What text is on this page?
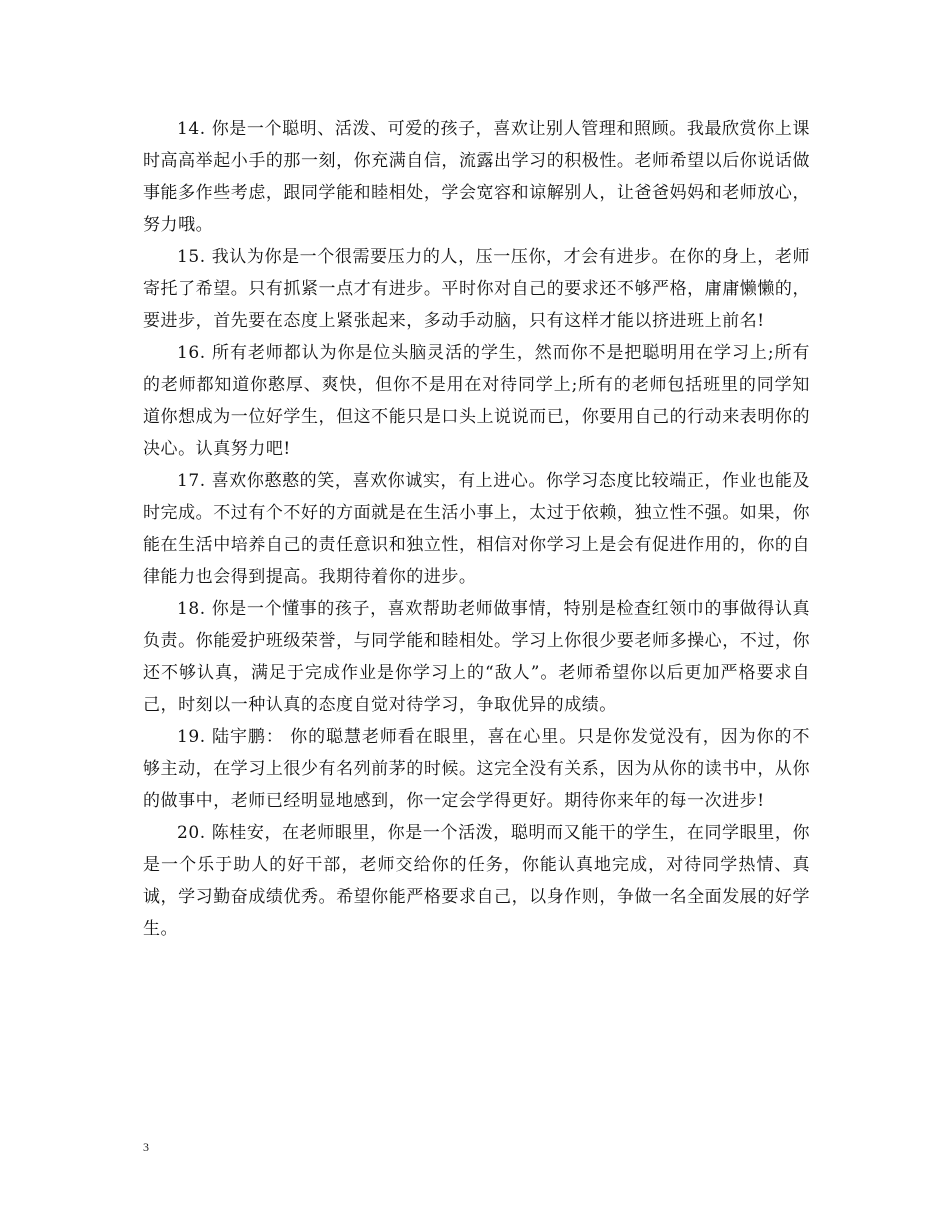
14. 你是一个聪明、活泼、可爱的孩子，喜欢让别人管理和照顾。我最欣赏你上课时高高举起小手的那一刻，你充满自信，流露出学习的积极性。老师希望以后你说话做事能多作些考虑，跟同学能和睦相处，学会宽容和谅解别人，让爸爸妈妈和老师放心，努力哦。

15. 我认为你是一个很需要压力的人，压一压你，才会有进步。在你的身上，老师寄托了希望。只有抓紧一点才有进步。平时你对自己的要求还不够严格，庸庸懒懒的，要进步，首先要在态度上紧张起来，多动手动脑，只有这样才能以挤进班上前名!

16. 所有老师都认为你是位头脑灵活的学生，然而你不是把聪明用在学习上;所有的老师都知道你憨厚、爽快，但你不是用在对待同学上;所有的老师包括班里的同学知道你想成为一位好学生，但这不能只是口头上说说而已，你要用自己的行动来表明你的决心。认真努力吧!

17. 喜欢你憨憨的笑，喜欢你诚实，有上进心。你学习态度比较端正，作业也能及时完成。不过有个不好的方面就是在生活小事上，太过于依赖，独立性不强。如果，你能在生活中培养自己的责任意识和独立性，相信对你学习上是会有促进作用的，你的自律能力也会得到提高。我期待着你的进步。

18. 你是一个懂事的孩子，喜欢帮助老师做事情，特别是检查红领巾的事做得认真负责。你能爱护班级荣誉，与同学能和睦相处。学习上你很少要老师多操心，不过，你还不够认真，满足于完成作业是你学习上的“敌人”。老师希望你以后更加严格要求自己，时刻以一种认真的态度自觉对待学习，争取优异的成绩。

19. 陆宇鹏： 你的聪慧老师看在眼里，喜在心里。只是你发觉没有，因为你的不够主动，在学习上很少有名列前茅的时候。这完全没有关系，因为从你的读书中，从你的做事中，老师已经明显地感到，你一定会学得更好。期待你来年的每一次进步!

20. 陈桂安，在老师眼里，你是一个活泼，聪明而又能干的学生，在同学眼里，你是一个乐于助人的好干部，老师交给你的任务，你能认真地完成，对待同学热情、真诚，学习勤奋成绩优秀。希望你能严格要求自己，以身作则，争做一名全面发展的好学生。

3
